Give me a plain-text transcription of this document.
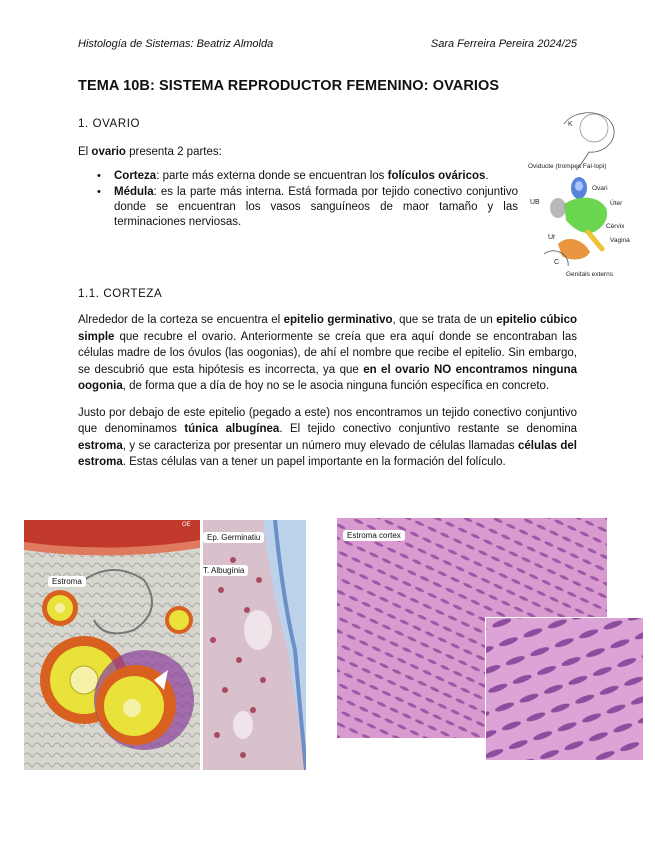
Histología de Sistemas: Beatriz Almolda	Sara Ferreira Pereira 2024/25
TEMA 10B: SISTEMA REPRODUCTOR FEMENINO: OVARIOS
1. OVARIO

El ovario presenta 2 partes:

• Corteza: parte más externa donde se encuentran los folículos ováricos.
• Médula: es la parte más interna. Está formada por tejido conectivo conjuntivo donde se encuentran los vasos sanguíneos de maor tamaño y las terminaciones nerviosas.
K
Oviducte (trompes Fal·lopi)
Ovari
Úter
UB
Cèrvix
Vagina
Ur
C
Genitals externs
1.1. CORTEZA

Alrededor de la corteza se encuentra el epitelio germinativo, que se trata de un epitelio cúbico simple que recubre el ovario. Anteriormente se creía que era aquí donde se encontraban las células madre de los óvulos (las oogonias), de ahí el nombre que recibe el epitelio. Sin embargo, se descubrió que esta hipótesis es incorrecta, ya que en el ovario NO encontramos ninguna oogonia, de forma que a día de hoy no se le asocia ninguna función específica en concreto.

Justo por debajo de este epitelio (pegado a este) nos encontramos un tejido conectivo conjuntivo que denominamos túnica albugínea. El tejido conectivo conjuntivo restante se denomina estroma, y se caracteriza por presentar un número muy elevado de células llamadas células del estroma. Estas células van a tener un papel importante en la formación del folículo.

OE
Estroma
Ep. Germinatiu
T. Albugínia
Estroma cortex
